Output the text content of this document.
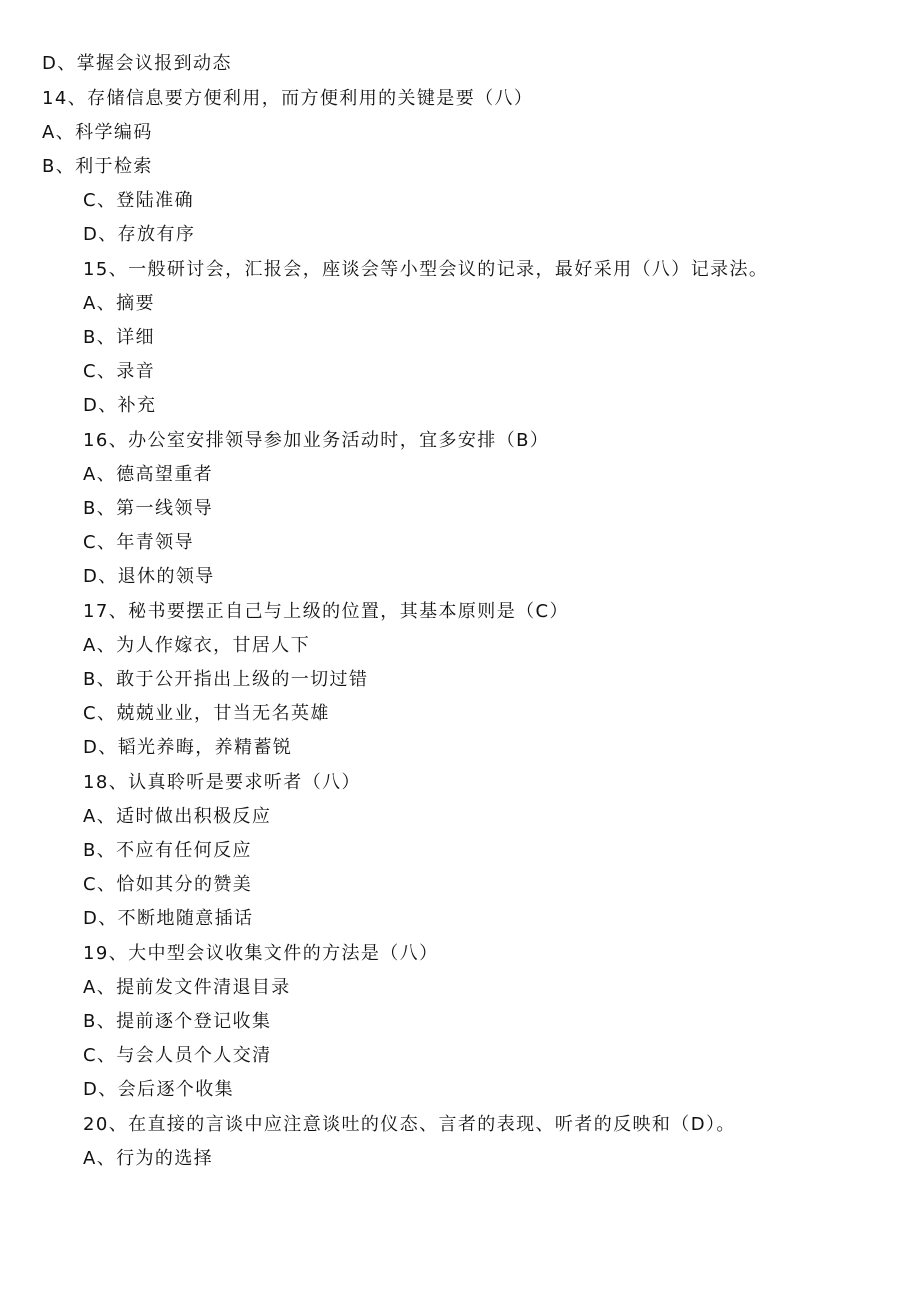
D、掌握会议报到动态
14、存储信息要方便利用，而方便利用的关键是要（八）
A、科学编码
B、利于检索
C、登陆准确
D、存放有序
15、一般研讨会，汇报会，座谈会等小型会议的记录，最好采用（八）记录法。
A、摘要
B、详细
C、录音
D、补充
16、办公室安排领导参加业务活动时，宜多安排（B）
A、德高望重者
B、第一线领导
C、年青领导
D、退休的领导
17、秘书要摆正自己与上级的位置，其基本原则是（C）
A、为人作嫁衣，甘居人下
B、敢于公开指出上级的一切过错
C、兢兢业业，甘当无名英雄
D、韬光养晦，养精蓄锐
18、认真聆听是要求听者（八）
A、适时做出积极反应
B、不应有任何反应
C、恰如其分的赞美
D、不断地随意插话
19、大中型会议收集文件的方法是（八）
A、提前发文件清退目录
B、提前逐个登记收集
C、与会人员个人交清
D、会后逐个收集
20、在直接的言谈中应注意谈吐的仪态、言者的表现、听者的反映和（D）。
A、行为的选择
